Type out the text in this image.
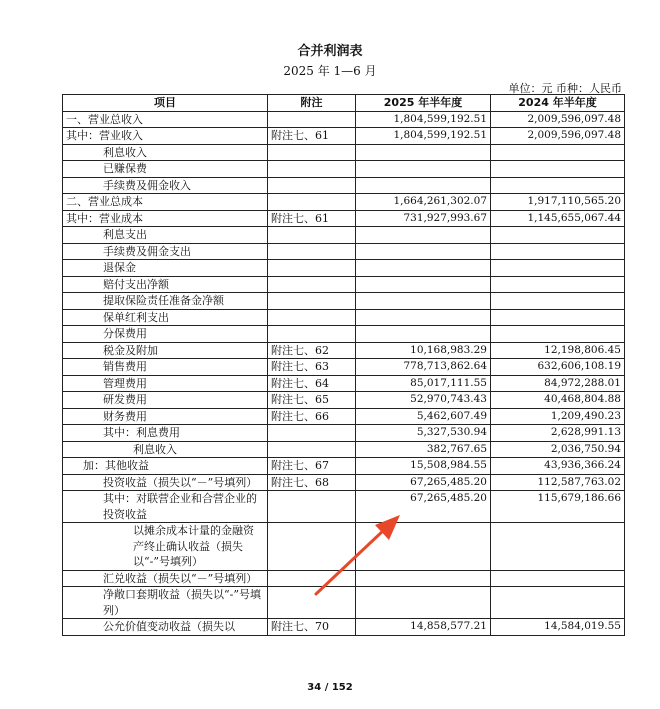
合并利润表
2025 年 1—6 月
单位：元 币种：人民币
项目	附注	2025 年半年度	2024 年半年度
一、营业总收入		1,804,599,192.51	2,009,596,097.48
其中：营业收入	附注七、61	1,804,599,192.51	2,009,596,097.48
利息收入			
已赚保费			
手续费及佣金收入			
二、营业总成本		1,664,261,302.07	1,917,110,565.20
其中：营业成本	附注七、61	731,927,993.67	1,145,655,067.44
利息支出			
手续费及佣金支出			
退保金			
赔付支出净额			
提取保险责任准备金净额			
保单红利支出			
分保费用			
税金及附加	附注七、62	10,168,983.29	12,198,806.45
销售费用	附注七、63	778,713,862.64	632,606,108.19
管理费用	附注七、64	85,017,111.55	84,972,288.01
研发费用	附注七、65	52,970,743.43	40,468,804.88
财务费用	附注七、66	5,462,607.49	1,209,490.23
其中：利息费用		5,327,530.94	2,628,991.13
利息收入		382,767.65	2,036,750.94
加：其他收益	附注七、67	15,508,984.55	43,936,366.24
投资收益（损失以“－”号填列）	附注七、68	67,265,485.20	112,587,763.02
其中：对联营企业和合营企业的投资收益		67,265,485.20	115,679,186.66
以摊余成本计量的金融资产终止确认收益（损失以“-”号填列）			
汇兑收益（损失以“－”号填列）			
净敞口套期收益（损失以“-”号填列）			
公允价值变动收益（损失以	附注七、70	14,858,577.21	14,584,019.55
34 / 152
